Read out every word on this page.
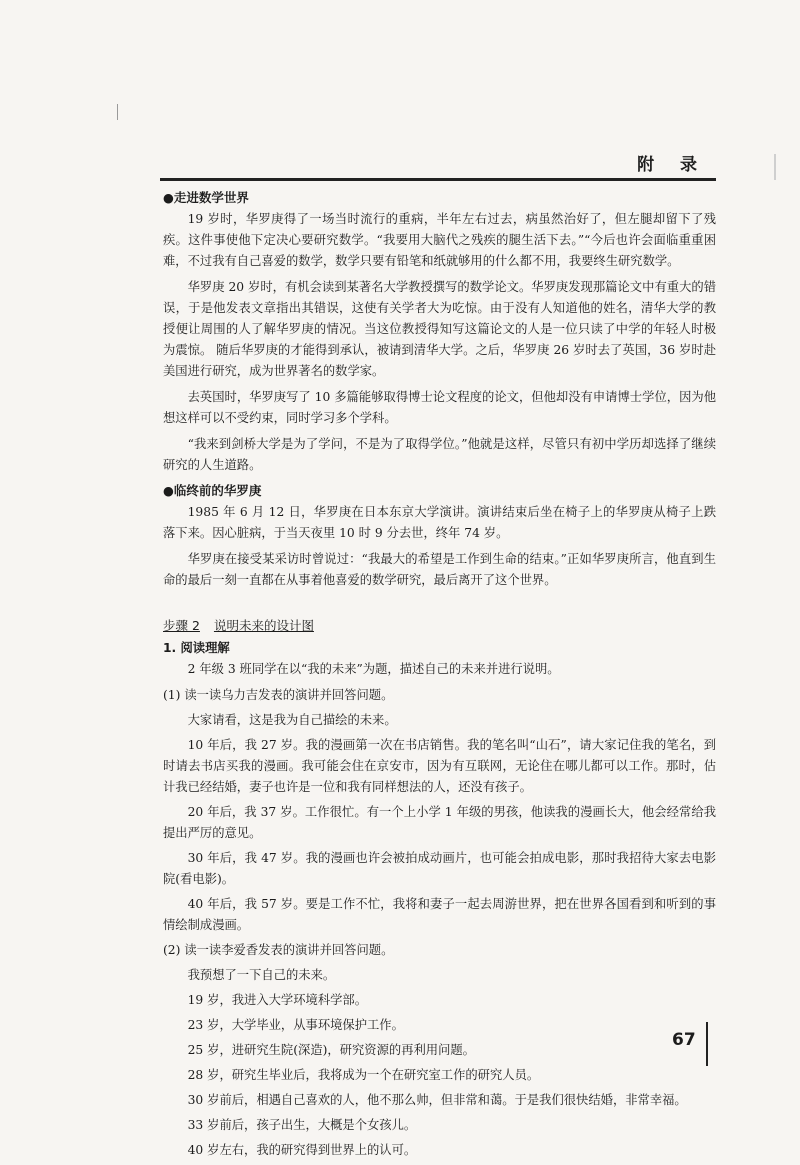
附 录

●走进数学世界

19 岁时，华罗庚得了一场当时流行的重病，半年左右过去，病虽然治好了，但左腿却留下了残疾。这件事使他下定决心要研究数学。“我要用大脑代之残疾的腿生活下去。”“今后也许会面临重重困难，不过我有自己喜爱的数学，数学只要有铅笔和纸就够用的什么都不用，我要终生研究数学。

华罗庚 20 岁时，有机会读到某著名大学教授撰写的数学论文。华罗庚发现那篇论文中有重大的错误，于是他发表文章指出其错误，这使有关学者大为吃惊。由于没有人知道他的姓名，清华大学的教授便让周围的人了解华罗庚的情况。当这位教授得知写这篇论文的人是一位只读了中学的年轻人时极为震惊。 随后华罗庚的才能得到承认，被请到清华大学。之后，华罗庚 26 岁时去了英国，36 岁时赴美国进行研究，成为世界著名的数学家。

去英国时，华罗庚写了 10 多篇能够取得博士论文程度的论文，但他却没有申请博士学位，因为他想这样可以不受约束，同时学习多个学科。

“我来到剑桥大学是为了学问，不是为了取得学位。”他就是这样，尽管只有初中学历却选择了继续研究的人生道路。

●临终前的华罗庚

1985 年 6 月 12 日，华罗庚在日本东京大学演讲。演讲结束后坐在椅子上的华罗庚从椅子上跌落下来。因心脏病，于当天夜里 10 时 9 分去世，终年 74 岁。

华罗庚在接受某采访时曾说过：“我最大的希望是工作到生命的结束。”正如华罗庚所言，他直到生命的最后一刻一直都在从事着他喜爱的数学研究，最后离开了这个世界。

步骤 2 说明未来的设计图

1. 阅读理解

2 年级 3 班同学在以“我的未来”为题，描述自己的未来并进行说明。

(1) 读一读乌力吉发表的演讲并回答问题。

大家请看，这是我为自己描绘的未来。

10 年后，我 27 岁。我的漫画第一次在书店销售。我的笔名叫“山石”，请大家记住我的笔名，到时请去书店买我的漫画。我可能会住在京安市，因为有互联网，无论住在哪儿都可以工作。那时，估计我已经结婚，妻子也许是一位和我有同样想法的人，还没有孩子。

20 年后，我 37 岁。工作很忙。有一个上小学 1 年级的男孩，他读我的漫画长大，他会经常给我提出严厉的意见。

30 年后，我 47 岁。我的漫画也许会被拍成动画片，也可能会拍成电影，那时我招待大家去电影院(看电影)。

40 年后，我 57 岁。要是工作不忙，我将和妻子一起去周游世界，把在世界各国看到和听到的事情绘制成漫画。

(2) 读一读李爱香发表的演讲并回答问题。

我预想了一下自己的未来。

19 岁，我进入大学环境科学部。

23 岁，大学毕业，从事环境保护工作。

25 岁，进研究生院(深造)，研究资源的再利用问题。

28 岁，研究生毕业后，我将成为一个在研究室工作的研究人员。

30 岁前后，相遇自己喜欢的人，他不那么帅，但非常和蔼。于是我们很快结婚，非常幸福。

33 岁前后，孩子出生，大概是个女孩儿。

40 岁左右，我的研究得到世界上的认可。

67
